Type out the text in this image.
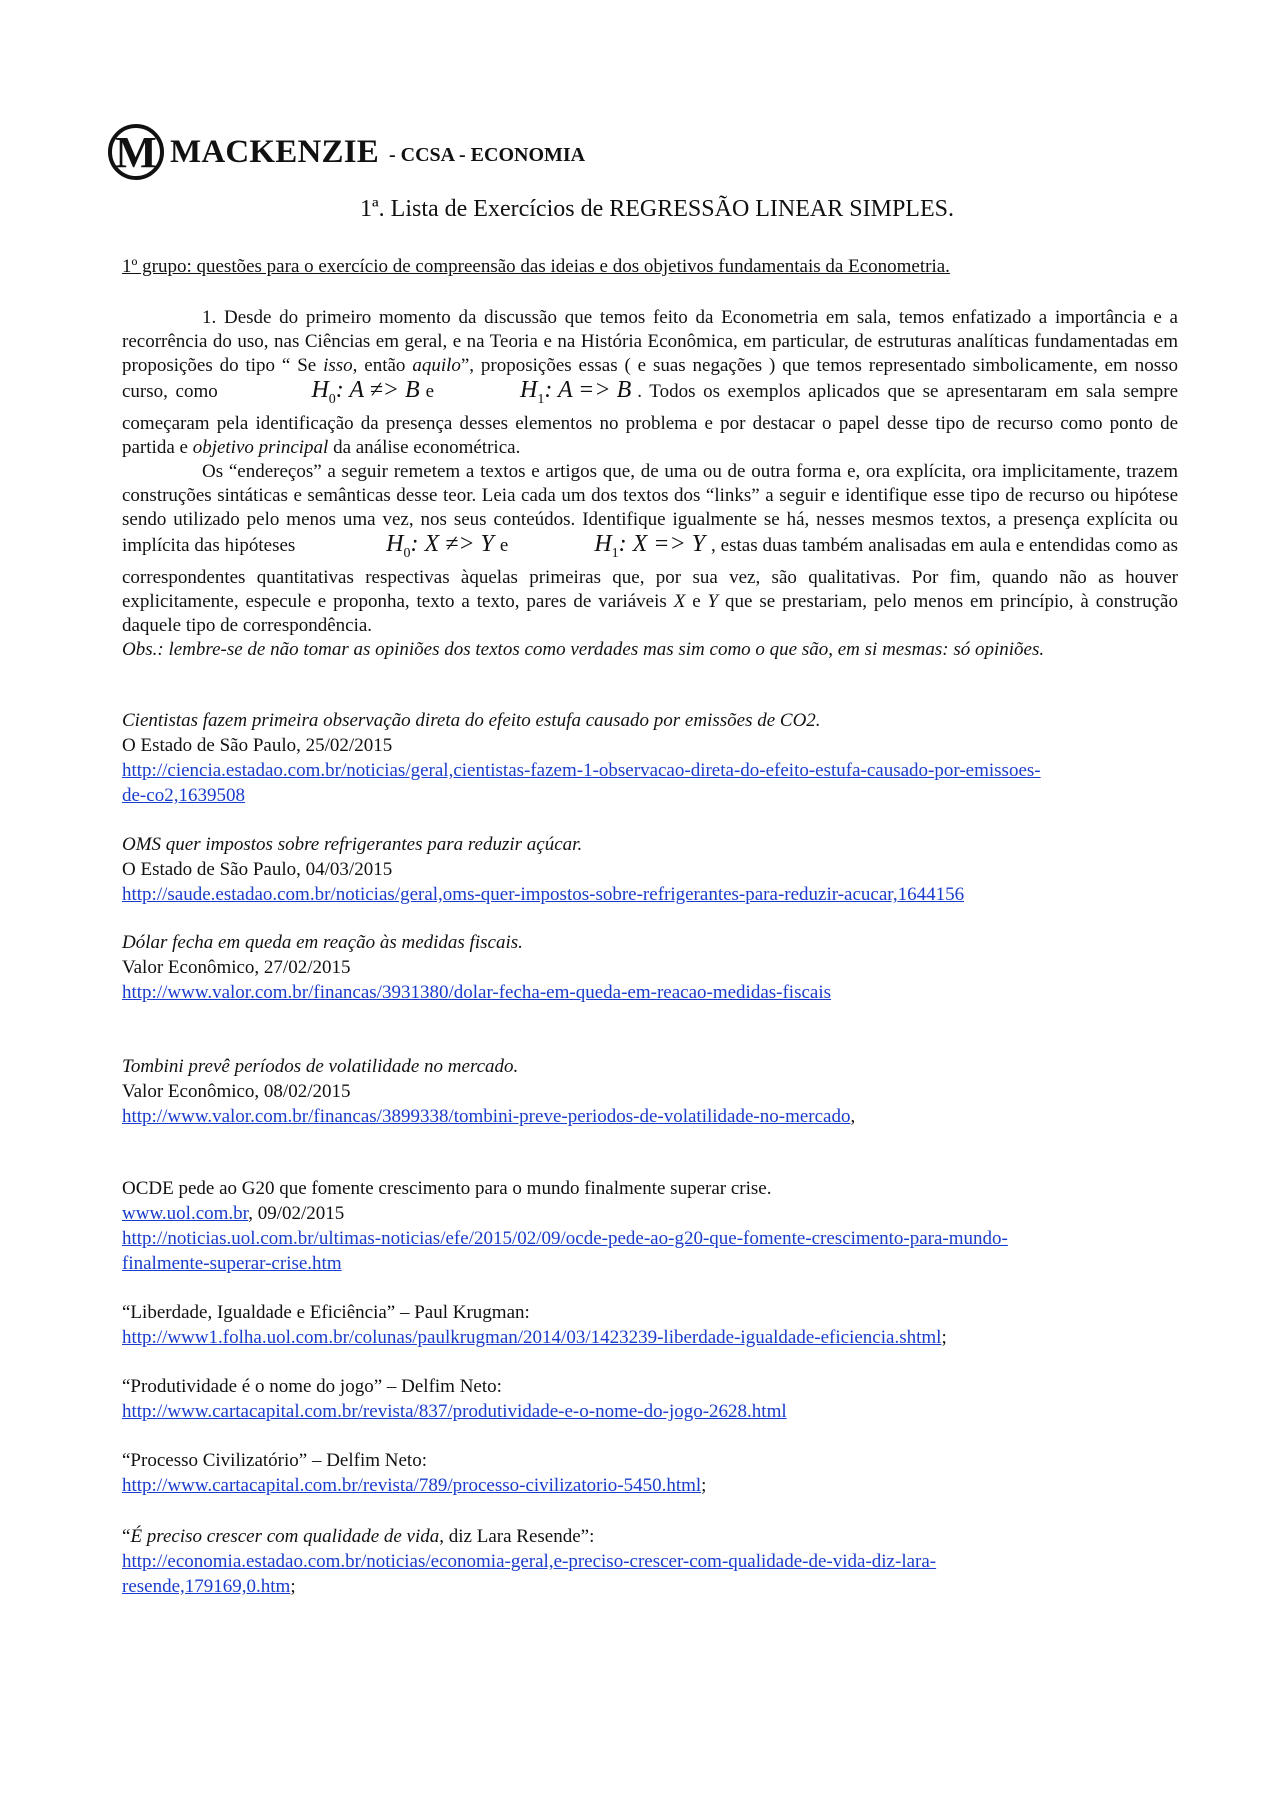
M MACKENZIE - CCSA - ECONOMIA
1ª. Lista de Exercícios de REGRESSÃO LINEAR SIMPLES.
1º grupo: questões para o exercício de compreensão das ideias e dos objetivos fundamentais da Econometria.

1. Desde do primeiro momento da discussão que temos feito da Econometria em sala, temos enfatizado a importância e a recorrência do uso, nas Ciências em geral, e na Teoria e na História Econômica, em particular, de estruturas analíticas fundamentadas em proposições do tipo “ Se isso, então aquilo”, proposições essas ( e suas negações ) que temos representado simbolicamente, em nosso curso, como	$H_0$: A ≠> B e	$H_1$: A => B . Todos os exemplos aplicados que se apresentaram em sala sempre começaram pela identificação da presença desses elementos no problema e por destacar o papel desse tipo de recurso como ponto de partida e objetivo principal da análise econométrica.

Os “endereços” a seguir remetem a textos e artigos que, de uma ou de outra forma e, ora explícita, ora implicitamente, trazem construções sintáticas e semânticas desse teor. Leia cada um dos textos dos “links” a seguir e identifique esse tipo de recurso ou hipótese sendo utilizado pelo menos uma vez, nos seus conteúdos. Identifique igualmente se há, nesses mesmos textos, a presença explícita ou implícita das hipóteses	$H_0$: X ≠> Y e	$H_1$: X => Y , estas duas também analisadas em aula e entendidas como as correspondentes quantitativas respectivas àquelas primeiras que, por sua vez, são qualitativas. Por fim, quando não as houver explicitamente, especule e proponha, texto a texto, pares de variáveis X e Y que se prestariam, pelo menos em princípio, à construção daquele tipo de correspondência.

Obs.: lembre-se de não tomar as opiniões dos textos como verdades mas sim como o que são, em si mesmas: só opiniões.

Cientistas fazem primeira observação direta do efeito estufa causado por emissões de CO2.
O Estado de São Paulo, 25/02/2015
http://ciencia.estadao.com.br/noticias/geral,cientistas-fazem-1-observacao-direta-do-efeito-estufa-causado-por-emissoes-
de-co2,1639508
OMS quer impostos sobre refrigerantes para reduzir açúcar.
O Estado de São Paulo, 04/03/2015
http://saude.estadao.com.br/noticias/geral,oms-quer-impostos-sobre-refrigerantes-para-reduzir-acucar,1644156
Dólar fecha em queda em reação às medidas fiscais.
Valor Econômico, 27/02/2015
http://www.valor.com.br/financas/3931380/dolar-fecha-em-queda-em-reacao-medidas-fiscais
Tombini prevê períodos de volatilidade no mercado.
Valor Econômico, 08/02/2015
http://www.valor.com.br/financas/3899338/tombini-preve-periodos-de-volatilidade-no-mercado,
OCDE pede ao G20 que fomente crescimento para o mundo finalmente superar crise.
www.uol.com.br, 09/02/2015
http://noticias.uol.com.br/ultimas-noticias/efe/2015/02/09/ocde-pede-ao-g20-que-fomente-crescimento-para-mundo-
finalmente-superar-crise.htm
“Liberdade, Igualdade e Eficiência” – Paul Krugman:
http://www1.folha.uol.com.br/colunas/paulkrugman/2014/03/1423239-liberdade-igualdade-eficiencia.shtml;
“Produtividade é o nome do jogo” – Delfim Neto:
http://www.cartacapital.com.br/revista/837/produtividade-e-o-nome-do-jogo-2628.html
“Processo Civilizatório” – Delfim Neto:
http://www.cartacapital.com.br/revista/789/processo-civilizatorio-5450.html;
“É preciso crescer com qualidade de vida, diz Lara Resende”:
http://economia.estadao.com.br/noticias/economia-geral,e-preciso-crescer-com-qualidade-de-vida-diz-lara-
resende,179169,0.htm;
